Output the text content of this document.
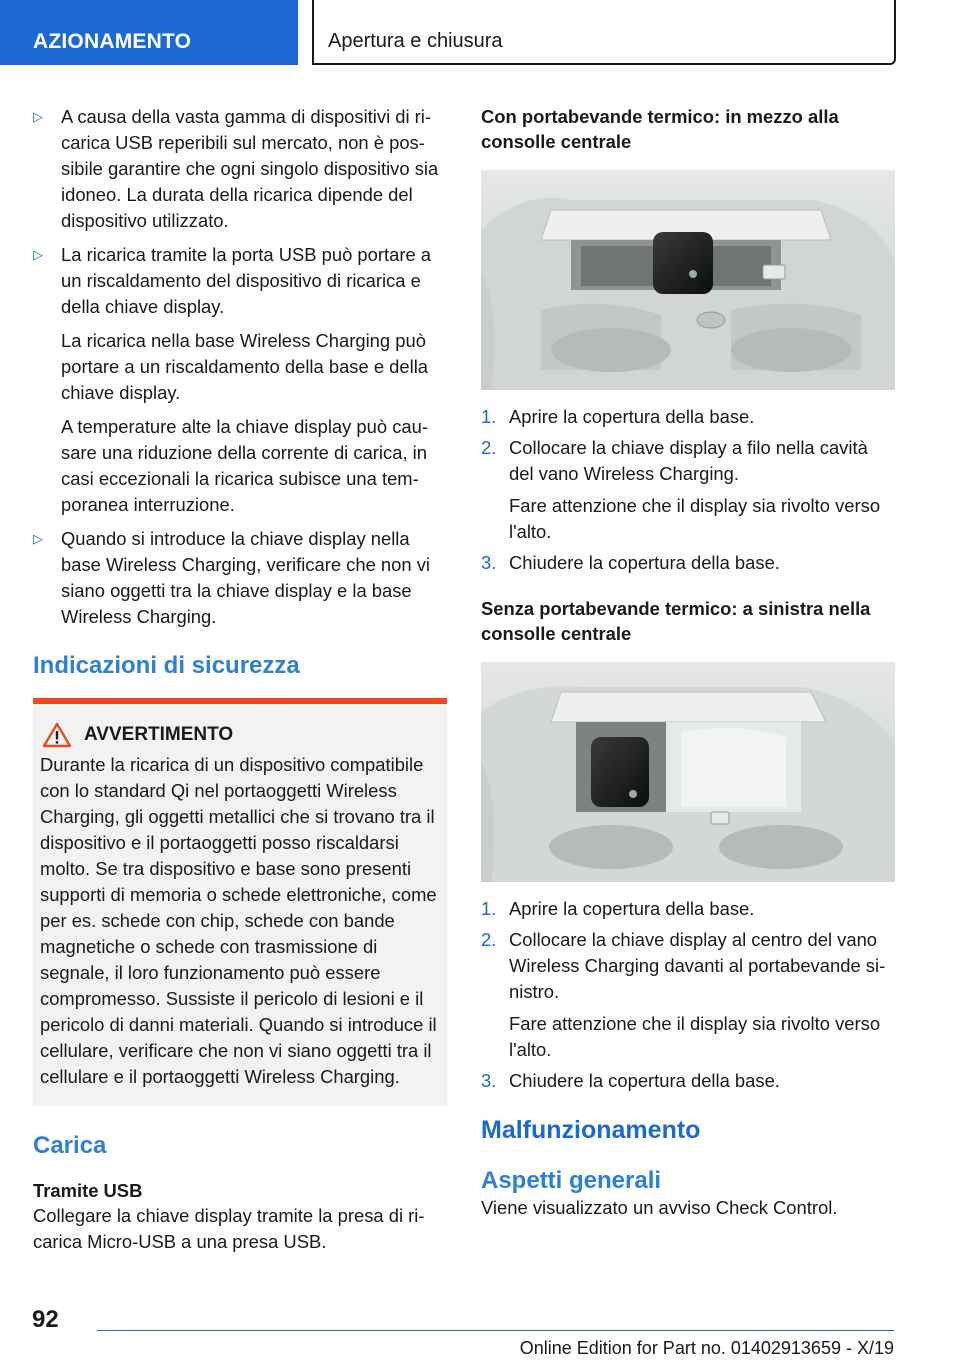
AZIONAMENTO	Apertura e chiusura
▷ A causa della vasta gamma di dispositivi di ricarica USB reperibili sul mercato, non è possibile garantire che ogni singolo dispositivo sia idoneo. La durata della ricarica dipende del dispositivo utilizzato.

▷ La ricarica tramite la porta USB può portare a un riscaldamento del dispositivo di ricarica e della chiave display.

La ricarica nella base Wireless Charging può portare a un riscaldamento della base e della chiave display.

A temperature alte la chiave display può causare una riduzione della corrente di carica, in casi eccezionali la ricarica subisce una temporanea interruzione.

▷ Quando si introduce la chiave display nella base Wireless Charging, verificare che non vi siano oggetti tra la chiave display e la base Wireless Charging.

Indicazioni di sicurezza
AVVERTIMENTO

Durante la ricarica di un dispositivo compatibile con lo standard Qi nel portaoggetti Wireless Charging, gli oggetti metallici che si trovano tra il dispositivo e il portaoggetti posso riscaldarsi molto. Se tra dispositivo e base sono presenti supporti di memoria o schede elettroniche, come per es. schede con chip, schede con bande magnetiche o schede con trasmissione di segnale, il loro funzionamento può essere compromesso. Sussiste il pericolo di lesioni e il pericolo di danni materiali. Quando si introduce il cellulare, verificare che non vi siano oggetti tra il cellulare e il portaoggetti Wireless Charging.

Carica
Tramite USB

Collegare la chiave display tramite la presa di ricarica Micro-USB a una presa USB.

Con portabevande termico: in mezzo alla consolle centrale
1. Aprire la copertura della base.

2. Collocare la chiave display a filo nella cavità del vano Wireless Charging.

Fare attenzione che il display sia rivolto verso l'alto.

3. Chiudere la copertura della base.

Senza portabevande termico: a sinistra nella consolle centrale
1. Aprire la copertura della base.

2. Collocare la chiave display al centro del vano Wireless Charging davanti al portabevande sinistro.

Fare attenzione che il display sia rivolto verso l'alto.

3. Chiudere la copertura della base.

Malfunzionamento
Aspetti generali

Viene visualizzato un avviso Check Control.

92
Online Edition for Part no. 01402913659 - X/19
